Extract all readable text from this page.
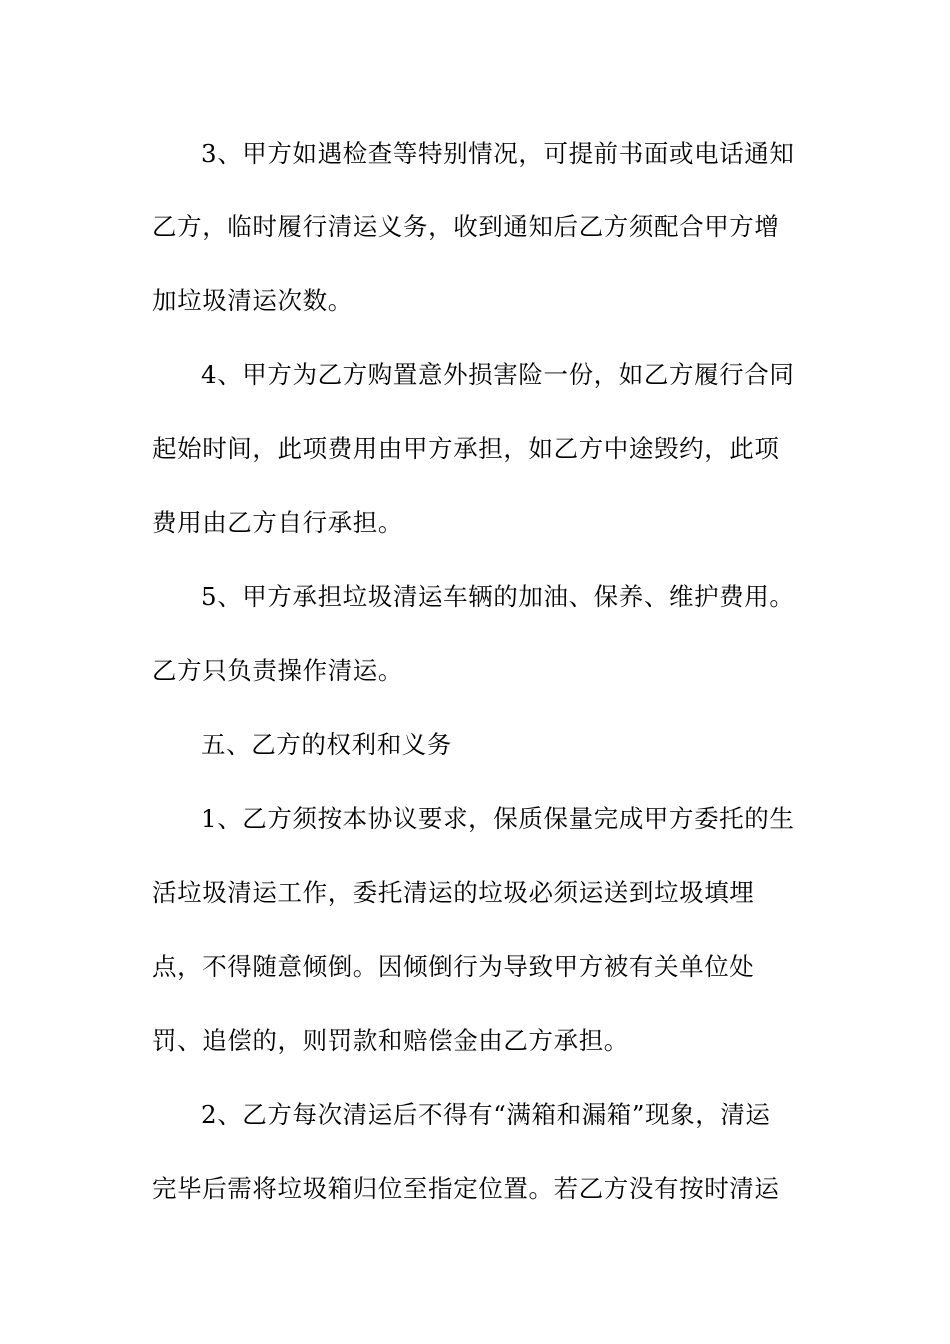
3、甲方如遇检查等特别情况，可提前书面或电话通知

乙方，临时履行清运义务，收到通知后乙方须配合甲方增

加垃圾清运次数。

4、甲方为乙方购置意外损害险一份，如乙方履行合同

起始时间，此项费用由甲方承担，如乙方中途毁约，此项

费用由乙方自行承担。

5、甲方承担垃圾清运车辆的加油、保养、维护费用。

乙方只负责操作清运。

五、乙方的权利和义务

1、乙方须按本协议要求，保质保量完成甲方委托的生

活垃圾清运工作，委托清运的垃圾必须运送到垃圾填埋

点，不得随意倾倒。因倾倒行为导致甲方被有关单位处

罚、追偿的，则罚款和赔偿金由乙方承担。

2、乙方每次清运后不得有“满箱和漏箱”现象，清运

完毕后需将垃圾箱归位至指定位置。若乙方没有按时清运
